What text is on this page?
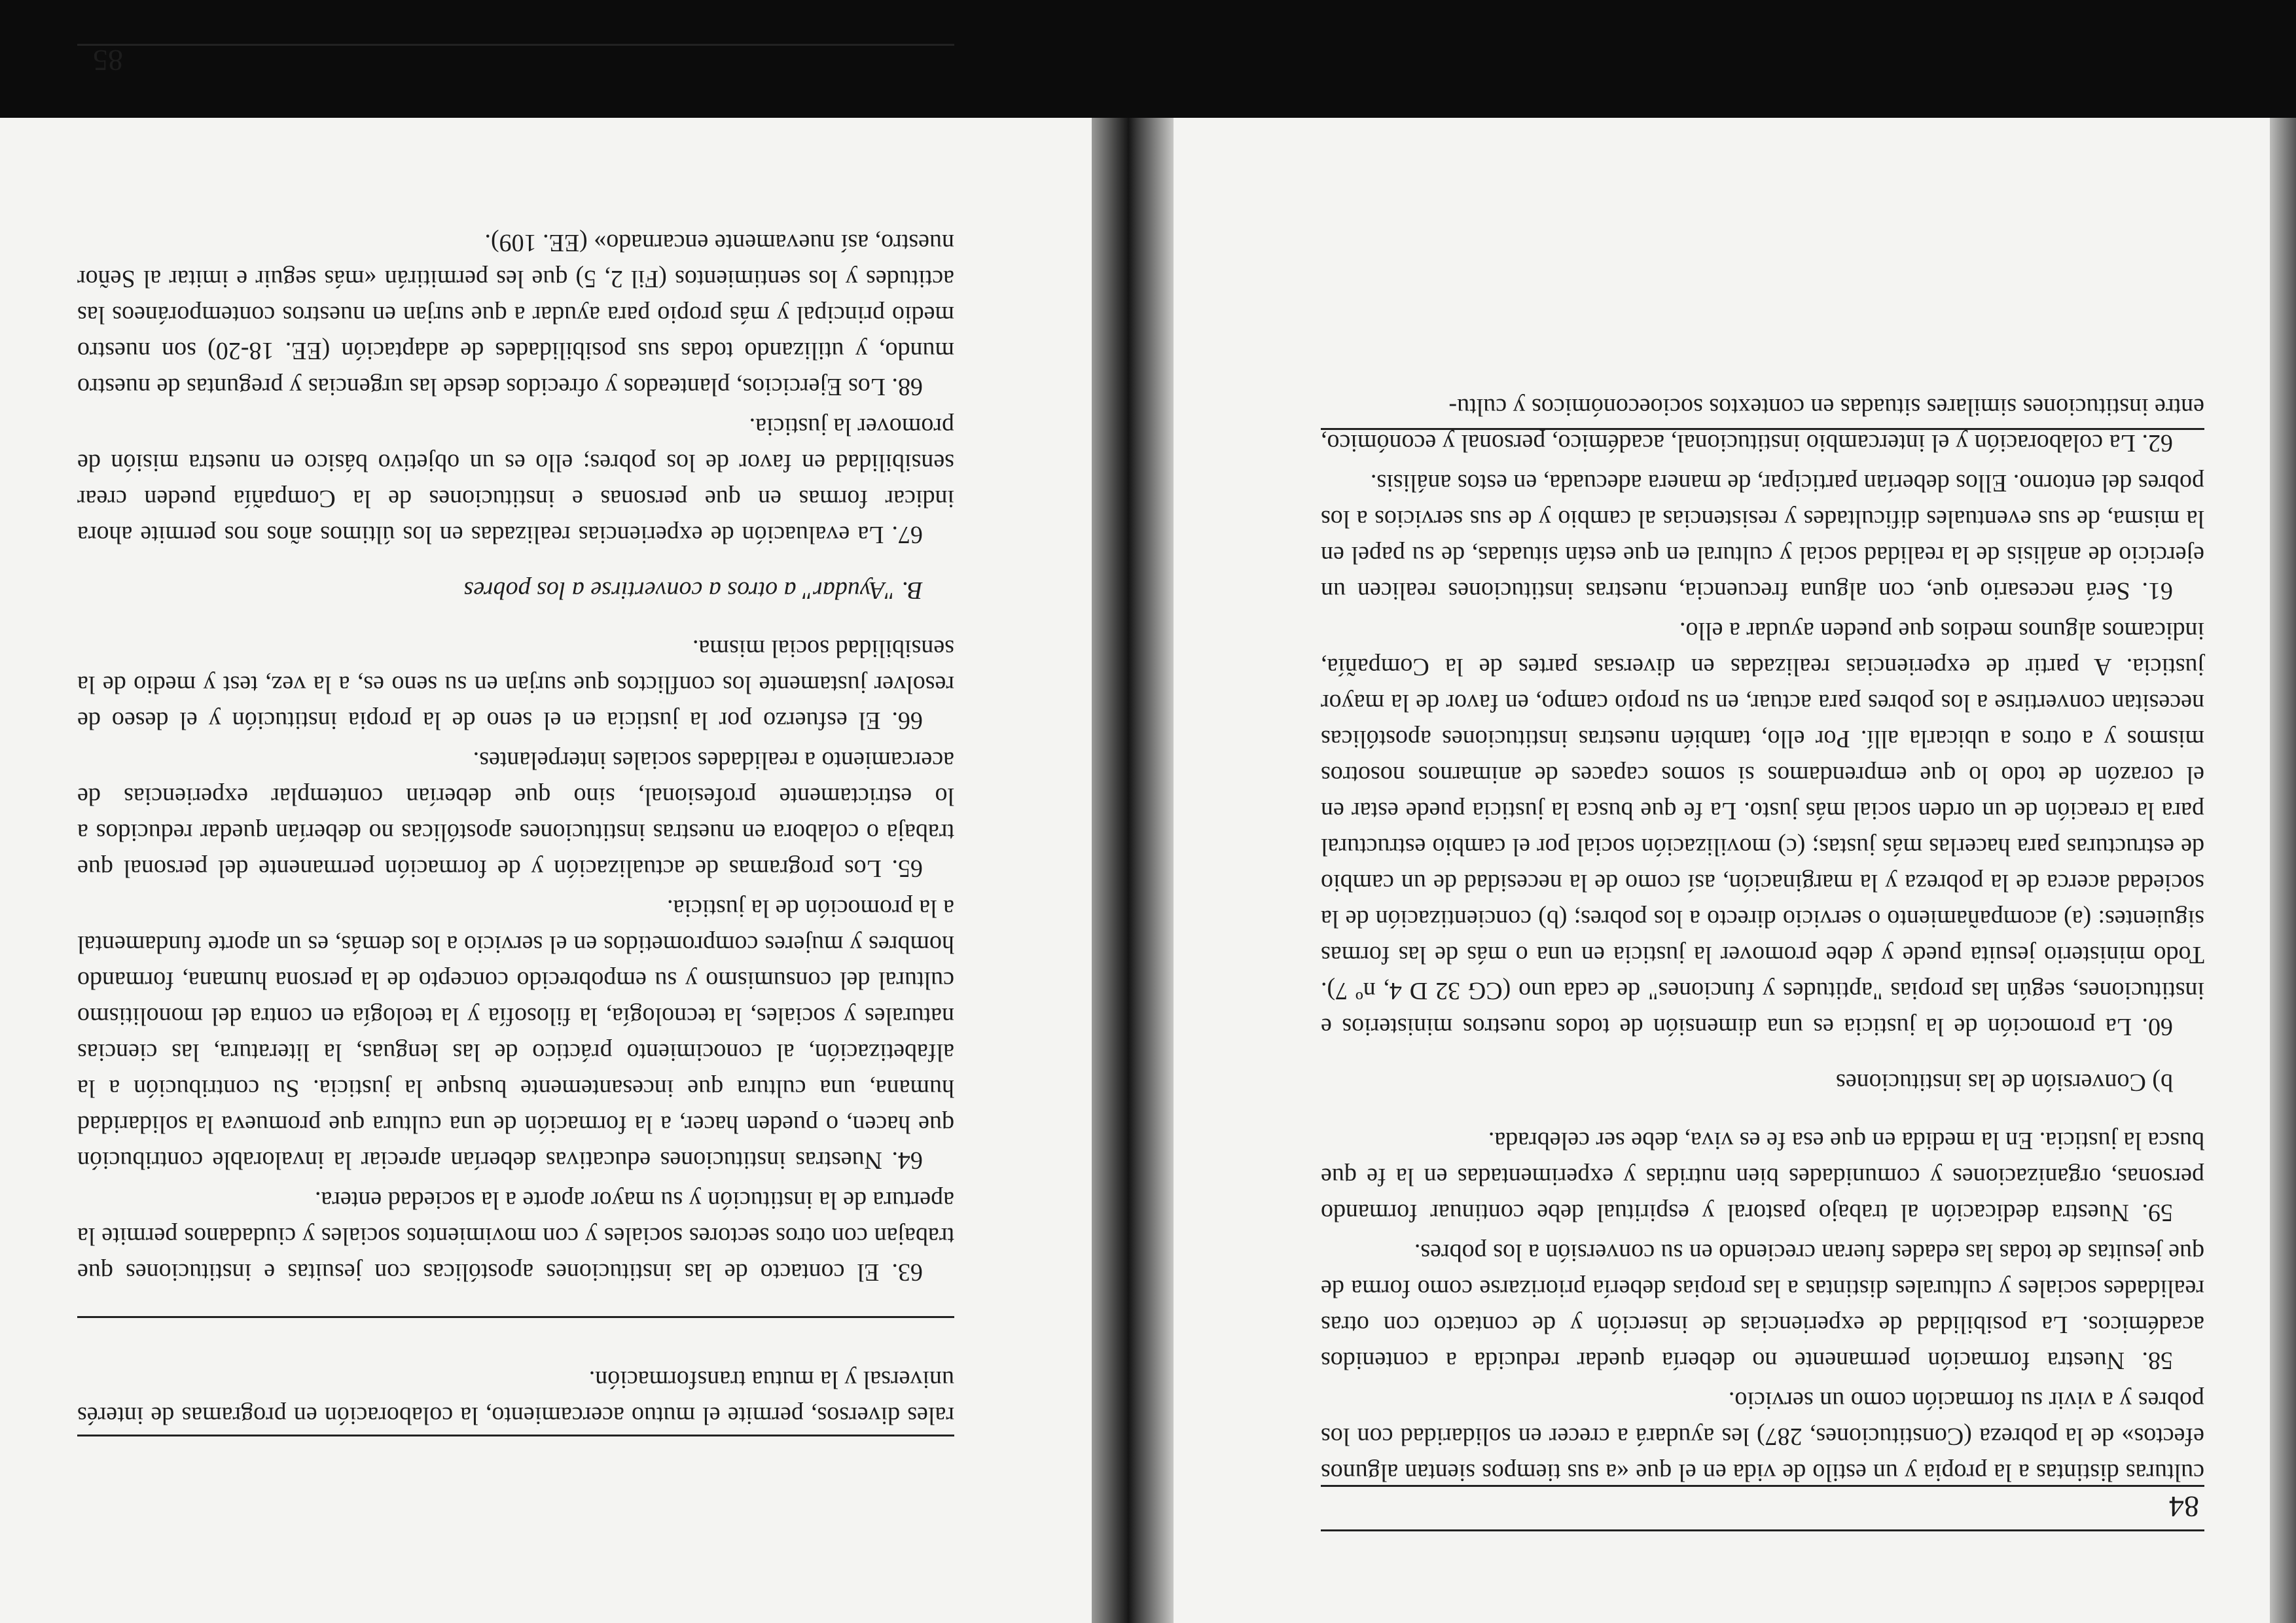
84

culturas distintas a la propia y un estilo de vida en el que «a sus tiempos sientan algunos efectos» de la pobreza (Constituciones, 287) les ayudará a crecer en solidaridad con los pobres y a vivir su formación como un servicio.

58. Nuestra formación permanente no debería quedar reducida a contenidos académicos. La posibilidad de experiencias de inserción y de contacto con otras realidades sociales y culturales distintas a las propias debería priorizarse como forma de que jesuitas de todas las edades fueran creciendo en su conversión a los pobres.

59. Nuestra dedicación al trabajo pastoral y espiritual debe continuar formando personas, organizaciones y comunidades bien nutridas y experimentadas en la fe que busca la justicia. En la medida en que esa fe es viva, debe ser celebrada.

b) Conversión de las instituciones

60. La promoción de la justicia es una dimensión de todos nuestros ministerios e instituciones, según las propias "aptitudes y funciones" de cada uno (CG 32 D 4, nº 7). Todo ministerio jesuita puede y debe promover la justicia en una o más de las formas siguientes: (a) acompañamiento o servicio directo a los pobres; (b) concientización de la sociedad acerca de la pobreza y la marginación, así como de la necesidad de un cambio de estructuras para hacerlas más justas; (c) movilización social por el cambio estructural para la creación de un orden social más justo. La fe que busca la justicia puede estar en el corazón de todo lo que emprendamos si somos capaces de animarnos nosotros mismos y a otros a ubicarla allí. Por ello, también nuestras instituciones apostólicas necesitan convertirse a los pobres para actuar, en su propio campo, en favor de la mayor justicia. A partir de experiencias realizadas en diversas partes de la Compañía, indicamos algunos medios que pueden ayudar a ello.

61. Será necesario que, con alguna frecuencia, nuestras instituciones realicen un ejercicio de análisis de la realidad social y cultural en que están situadas, de su papel en la misma, de sus eventuales dificultades y resistencias al cambio y de sus servicios a los pobres del entorno. Ellos deberían participar, de manera adecuada, en estos análisis.

62. La colaboración y el intercambio institucional, académico, personal y económico, entre instituciones similares situadas en contextos socioeconómicos y cultu-

85

rales diversos, permite el mutuo acercamiento, la colaboración en programas de interés universal y la mutua transformación.

63. El contacto de las instituciones apostólicas con jesuitas e instituciones que trabajan con otros sectores sociales y con movimientos sociales y ciudadanos permite la apertura de la institución y su mayor aporte a la sociedad entera.

64. Nuestras instituciones educativas deberían apreciar la invalorable contribución que hacen, o pueden hacer, a la formación de una cultura que promueva la solidaridad humana, una cultura que incesantemente busque la justicia. Su contribución a la alfabetización, al conocimiento práctico de las lenguas, la literatura, las ciencias naturales y sociales, la tecnología, la filosofía y la teología en contra del monolitismo cultural del consumismo y su empobrecido concepto de la persona humana, formando hombres y mujeres comprometidos en el servicio a los demás, es un aporte fundamental a la promoción de la justicia.

65. Los programas de actualización y de formación permanente del personal que trabaja o colabora en nuestras instituciones apostólicas no deberían quedar reducidos a lo estrictamente profesional, sino que deberían contemplar experiencias de acercamiento a realidades sociales interpelantes.

66. El esfuerzo por la justicia en el seno de la propia institución y el deseo de resolver justamente los conflictos que surjan en su seno es, a la vez, test y medio de la sensibilidad social misma.

B. "Ayudar" a otros a convertirse a los pobres

67. La evaluación de experiencias realizadas en los últimos años nos permite ahora indicar formas en que personas e instituciones de la Compañía pueden crear sensibilidad en favor de los pobres; ello es un objetivo básico en nuestra misión de promover la justicia.

68. Los Ejercicios, planteados y ofrecidos desde las urgencias y preguntas de nuestro mundo, y utilizando todas sus posibilidades de adaptación (EE. 18-20) son nuestro medio principal y más propio para ayudar a que surjan en nuestros contemporáneos las actitudes y los sentimientos (Fil 2, 5) que les permitirán «más seguir e imitar al Señor nuestro, así nuevamente encarnado» (EE. 109).
